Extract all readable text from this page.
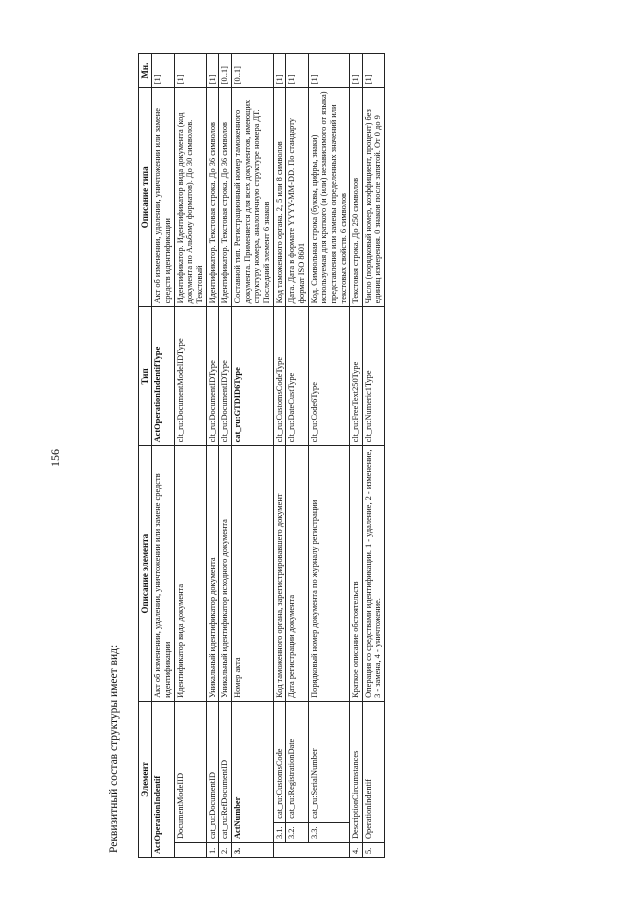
156
Реквизитный состав структуры имеет вид: Элемент			Описание элемента	Тип	Описание типа	Мн.
ActOperationIndentif			Акт об изменении, удалении, уничтожении или замене средств идентификации	ActOperationIndentifType	Акт об изменении, удалении, уничтожении или замене средств идентификации	[1]
	DocumentModeIID		Идентификатор вида документа	clt_ru:DocumentModelIDType	Идентификатор. Идентификатор вида документа (код документа по Альбому форматов). До 30 символов. Текстовый	[1]
1.	cat_ru:DocumentID		Уникальный идентификатор документа	clt_ru:DocumentIDType	Идентификатор. Текстовая строка. До 36 символов	[1]
2.	cat_ru:RefDocumentID		Уникальный идентификатор исходного документа	clt_ru:DocumentIDType	Идентификатор. Текстовая строка. До 36 символов	[0..1]
3.	ActNumber		Номер акта	cat_ru:GTDID6Type	Составной тип. Регистрационный номер таможенного документа. Применяется для всех документов, имеющих структуру номера, аналогичную структуре номера ДТ. Последний элемент 6 знаков	[0..1]
	3.1.	cat_ru:CustomsCode	Код таможенного органа, зарегистрировавшего документ	clt_ru:CustomsCodeType	Код таможенного органа. 2, 5 или 8 символов	[1]
	3.2.	cat_ru:RegistrationDate	Дата регистрации документа	clt_ru:DateCustType	Дата. Дата в формате YYYY-MM-DD. По стандарту формат ISO 8601	[1]
	3.3.	cat_ru:SerialNumber	Порядковый номер документа по журналу регистрации	clt_ru:Code6Type	Код. Символьная строка (буквы, цифры, знаки) используемая для краткого (и (или) независимого от языка) представления или замены определенных значений или текстовых свойств. 6 символов	[1]
4.	DescriptionCircumstances		Краткое описание обстоятельств	clt_ru:FreeText250Type	Текстовая строка. До 250 символов	[1]
5.	OperationIndentif		Операция со средствами идентификации. 1 - удаление, 2 - изменение, 3 - замена, 4 - уничтожение.	clt_ru:Numeric1Type	Число (порядковый номер, коэффициент, процент) без единиц измерения. 0 знаков после запятой. От 0 до 9	[1]
